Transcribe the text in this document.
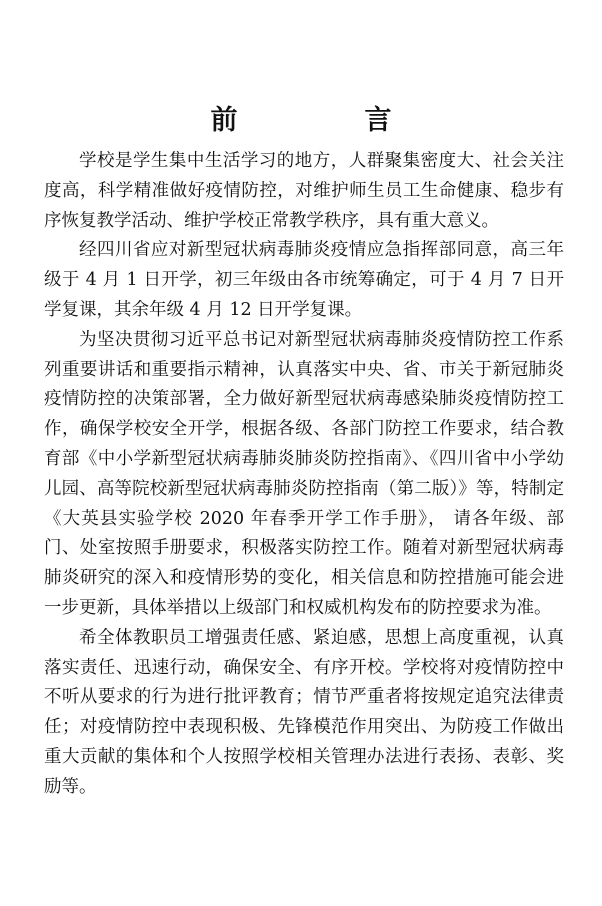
前　言

学校是学生集中生活学习的地方，人群聚集密度大、社会关注度高，科学精准做好疫情防控，对维护师生员工生命健康、稳步有序恢复教学活动、维护学校正常教学秩序，具有重大意义。

经四川省应对新型冠状病毒肺炎疫情应急指挥部同意，高三年级于 4 月 1 日开学，初三年级由各市统筹确定，可于 4 月 7 日开学复课，其余年级 4 月 12 日开学复课。

为坚决贯彻习近平总书记对新型冠状病毒肺炎疫情防控工作系列重要讲话和重要指示精神，认真落实中央、省、市关于新冠肺炎疫情防控的决策部署，全力做好新型冠状病毒感染肺炎疫情防控工作，确保学校安全开学，根据各级、各部门防控工作要求，结合教育部《中小学新型冠状病毒肺炎肺炎防控指南》、《四川省中小学幼儿园、高等院校新型冠状病毒肺炎防控指南（第二版）》等，特制定《大英县实验学校 2020 年春季开学工作手册》， 请各年级、部门、处室按照手册要求，积极落实防控工作。随着对新型冠状病毒肺炎研究的深入和疫情形势的变化，相关信息和防控措施可能会进一步更新，具体举措以上级部门和权威机构发布的防控要求为准。

希全体教职员工增强责任感、紧迫感，思想上高度重视，认真落实责任、迅速行动，确保安全、有序开校。学校将对疫情防控中不听从要求的行为进行批评教育；情节严重者将按规定追究法律责任；对疫情防控中表现积极、先锋模范作用突出、为防疫工作做出重大贡献的集体和个人按照学校相关管理办法进行表扬、表彰、奖励等。
